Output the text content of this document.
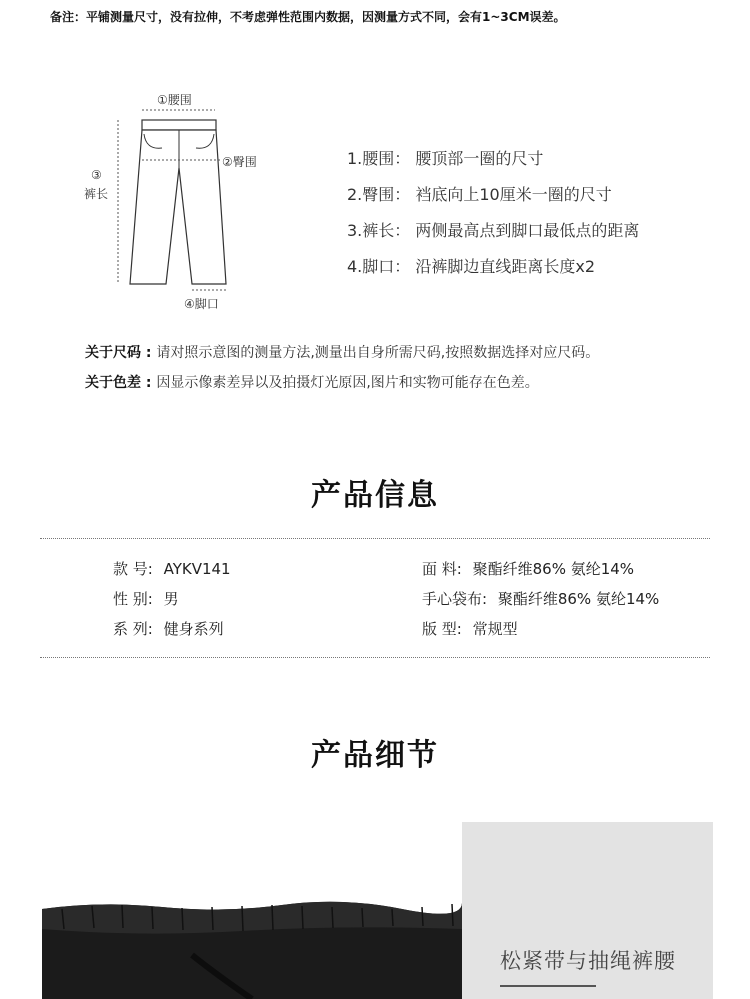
备注：平铺测量尺寸，没有拉伸，不考虑弹性范围内数据，因测量方式不同，会有1~3CM误差。
①腰围
②臀围
③
裤长
④脚口
1.腰围： 腰顶部一圈的尺寸
2.臀围： 裆底向上10厘米一圈的尺寸
3.裤长： 两侧最高点到脚口最低点的距离
4.脚口： 沿裤脚边直线距离长度x2
关于尺码 : 请对照示意图的测量方法,测量出自身所需尺码,按照数据选择对应尺码。
关于色差 : 因显示像素差异以及拍摄灯光原因,图片和实物可能存在色差。
产品信息
款 号: AYKV141
性 别: 男
系 列: 健身系列
面 料: 聚酯纤维86% 氨纶14%
手心袋布: 聚酯纤维86% 氨纶14%
版 型: 常规型
产品细节
松紧带与抽绳裤腰
